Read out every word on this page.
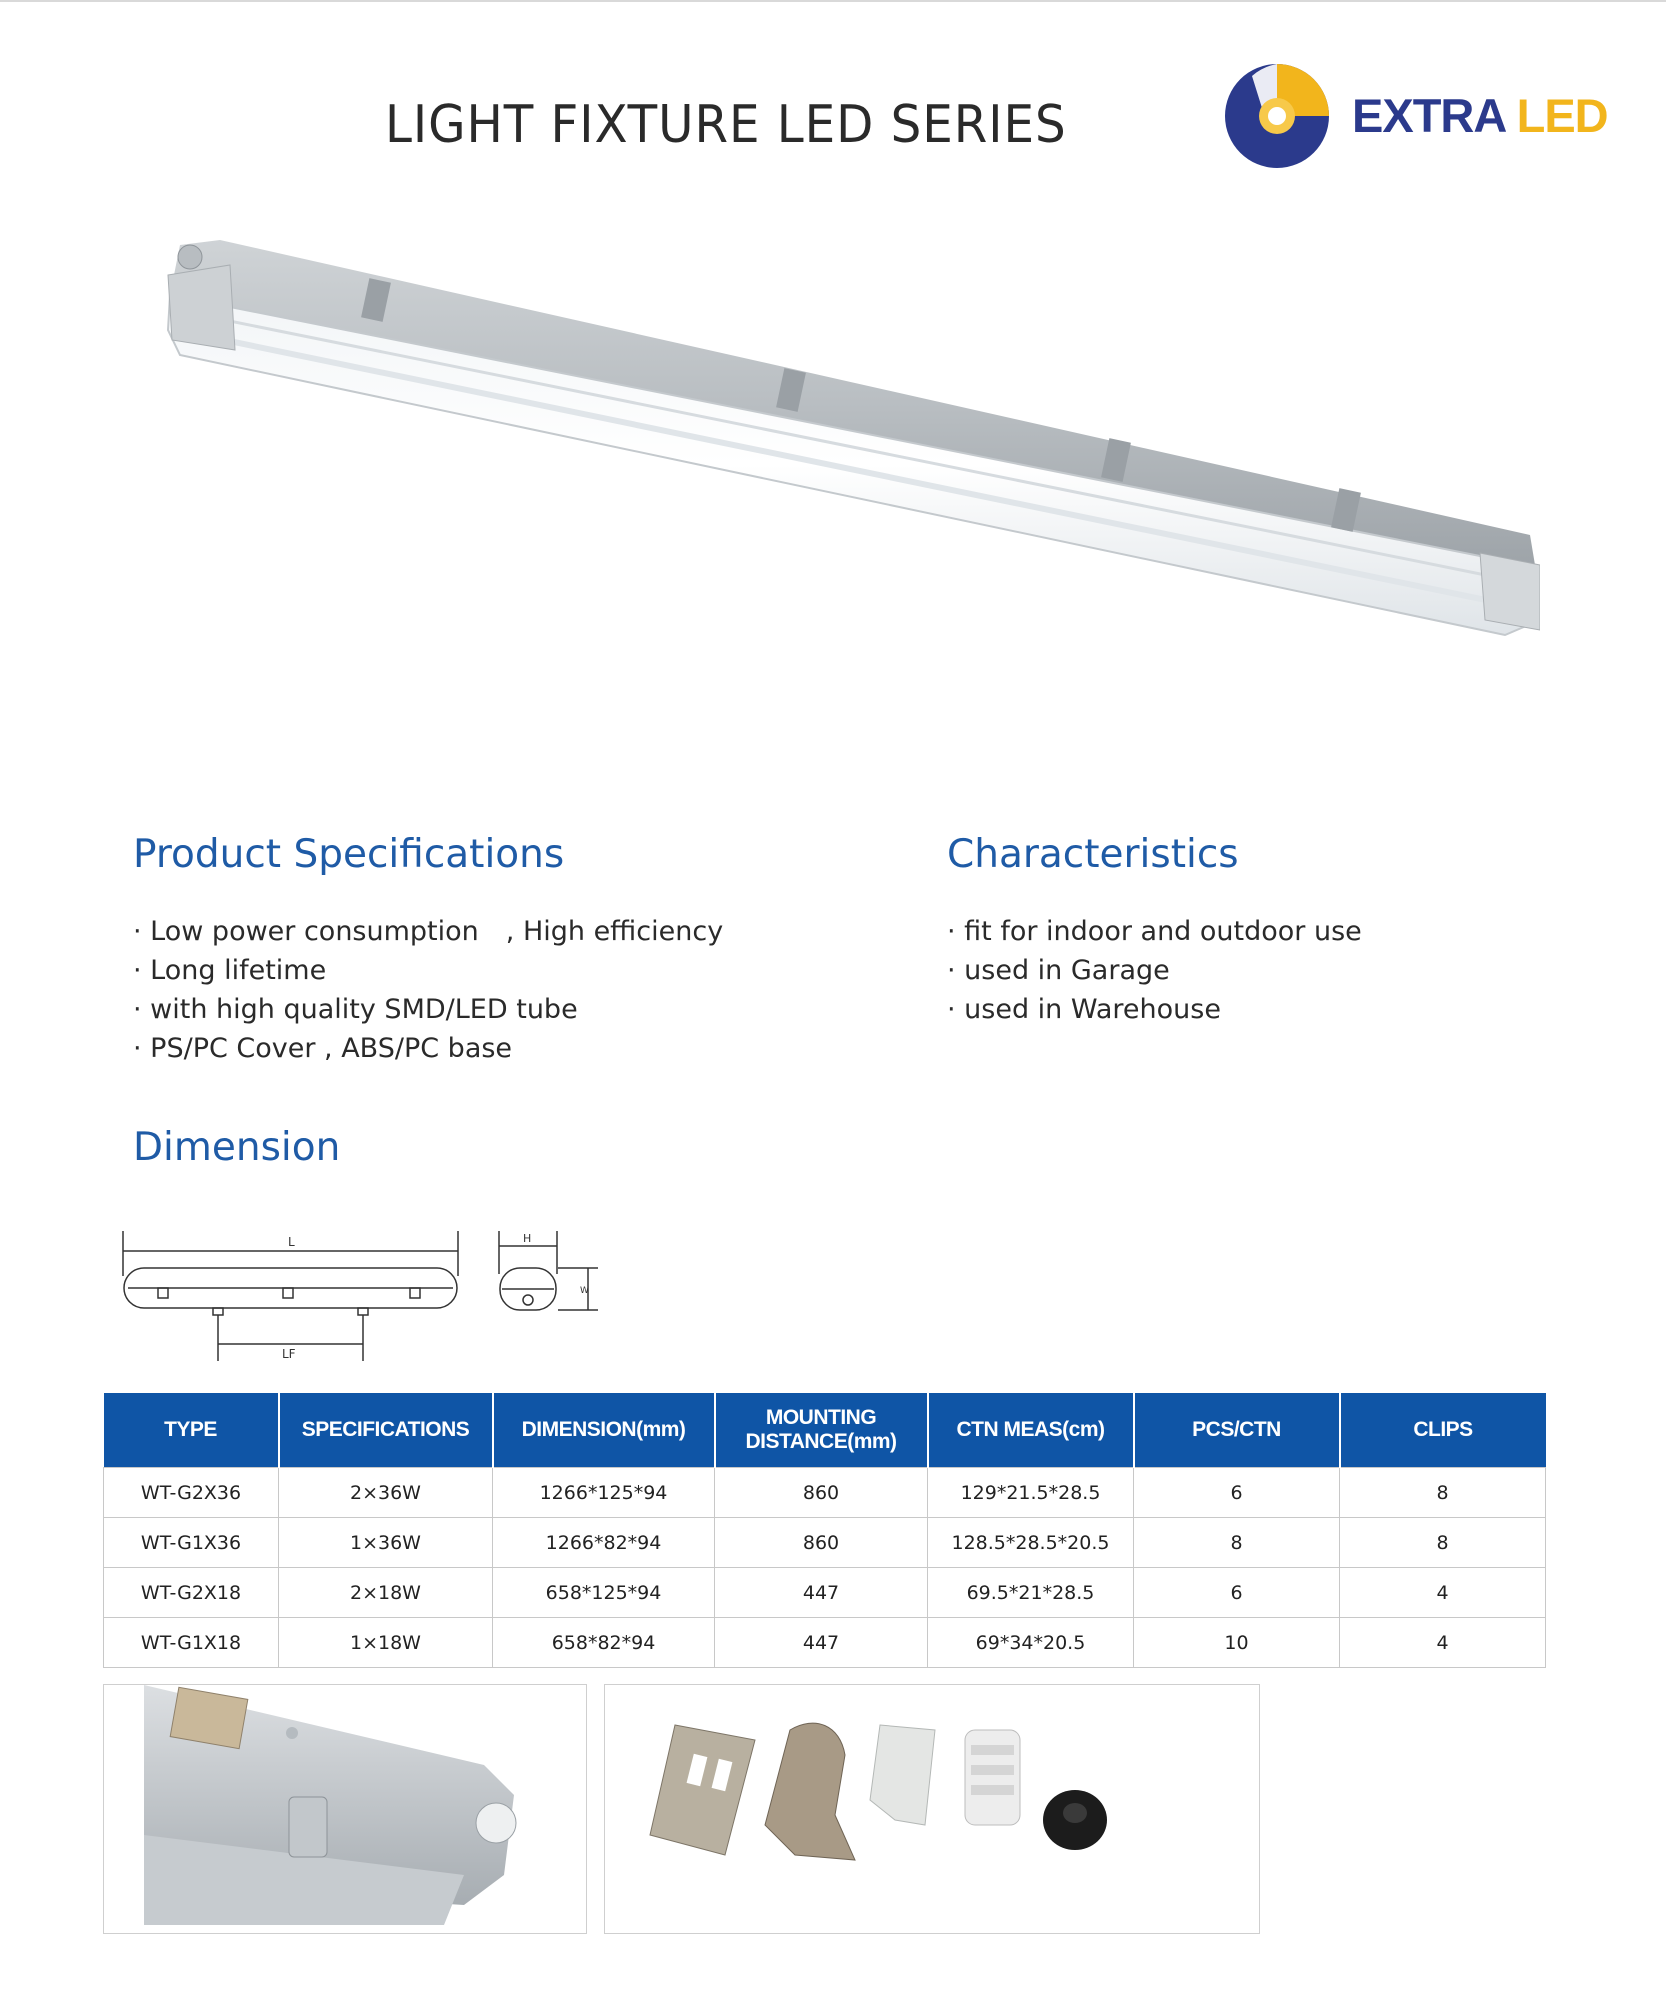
LIGHT FIXTURE LED SERIES	EXTRA LED
Product Specifications
· Low power consumption　, High efficiency
· Long lifetime
· with high quality SMD/LED tube
· PS/PC Cover , ABS/PC base
Characteristics
· fit for indoor and outdoor use
· used in Garage
· used in Warehouse
Dimension
L
LF
H
W
TYPE	SPECIFICATIONS	DIMENSION(mm)	MOUNTING DISTANCE(mm)	CTN MEAS(cm)	PCS/CTN	CLIPS
WT-G2X36	2×36W	1266*125*94	860	129*21.5*28.5	6	8
WT-G1X36	1×36W	1266*82*94	860	128.5*28.5*20.5	8	8
WT-G2X18	2×18W	658*125*94	447	69.5*21*28.5	6	4
WT-G1X18	1×18W	658*82*94	447	69*34*20.5	10	4
